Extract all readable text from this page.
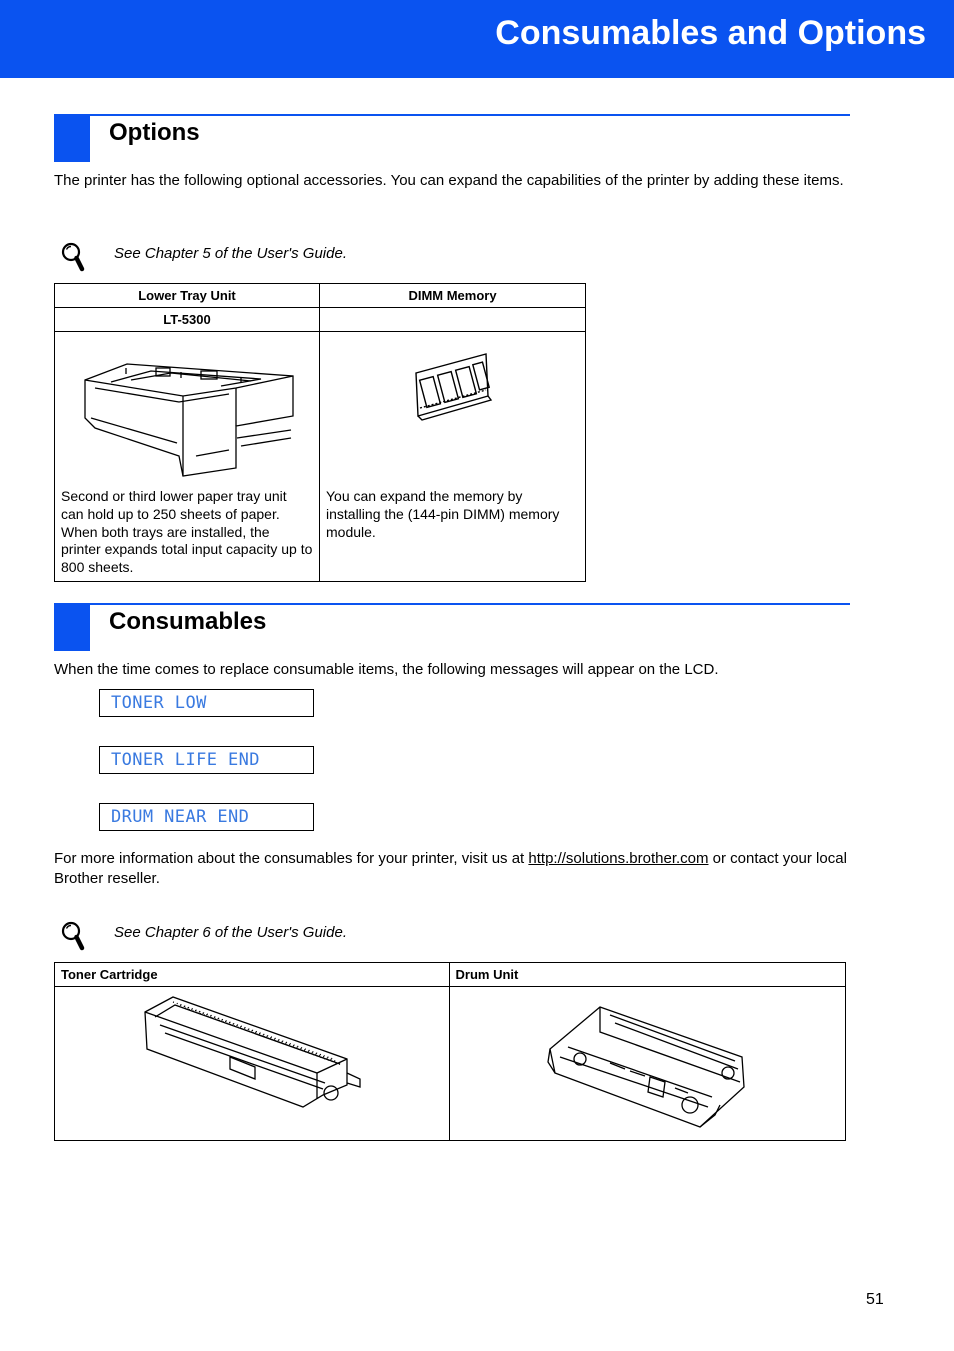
Consumables and Options
Options
The printer has the following optional accessories. You can expand the capabilities of the printer by adding these items.
See Chapter 5 of the User's Guide.
Lower Tray Unit	DIMM Memory
LT-5300	

Second or third lower paper tray unit can hold up to 250 sheets of paper. When both trays are installed, the printer expands total input capacity up to 800 sheets.	You can expand the memory by installing the (144-pin DIMM) memory module.
Consumables
When the time comes to replace consumable items, the following messages will appear on the LCD.
TONER LOW
TONER LIFE END
DRUM NEAR END
For more information about the consumables for your printer, visit us at http://solutions.brother.com or contact your local Brother reseller.
See Chapter 6 of the User's Guide.
Toner Cartridge	Drum Unit

51
